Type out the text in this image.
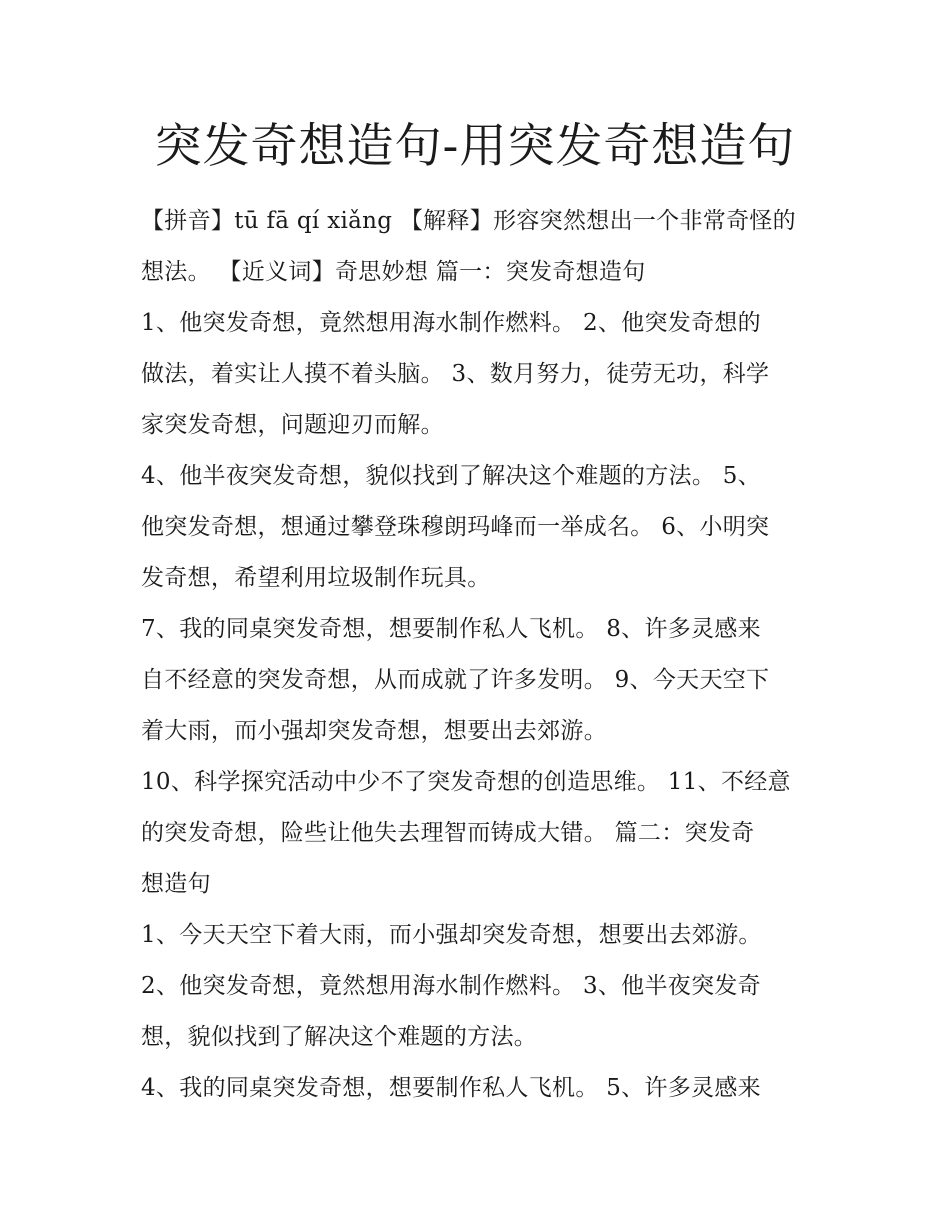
突发奇想造句-用突发奇想造句
【拼音】tū fā qí xiǎng 【解释】形容突然想出一个非常奇怪的
想法。 【近义词】奇思妙想 篇一：突发奇想造句
1、他突发奇想，竟然想用海水制作燃料。 2、他突发奇想的
做法，着实让人摸不着头脑。 3、数月努力，徒劳无功，科学
家突发奇想，问题迎刃而解。
4、他半夜突发奇想，貌似找到了解决这个难题的方法。 5、
他突发奇想，想通过攀登珠穆朗玛峰而一举成名。 6、小明突
发奇想，希望利用垃圾制作玩具。
7、我的同桌突发奇想，想要制作私人飞机。 8、许多灵感来
自不经意的突发奇想，从而成就了许多发明。 9、今天天空下
着大雨，而小强却突发奇想，想要出去郊游。
10、科学探究活动中少不了突发奇想的创造思维。 11、不经意
的突发奇想，险些让他失去理智而铸成大错。 篇二：突发奇
想造句
1、今天天空下着大雨，而小强却突发奇想，想要出去郊游。
2、他突发奇想，竟然想用海水制作燃料。 3、他半夜突发奇
想，貌似找到了解决这个难题的方法。
4、我的同桌突发奇想，想要制作私人飞机。 5、许多灵感来
